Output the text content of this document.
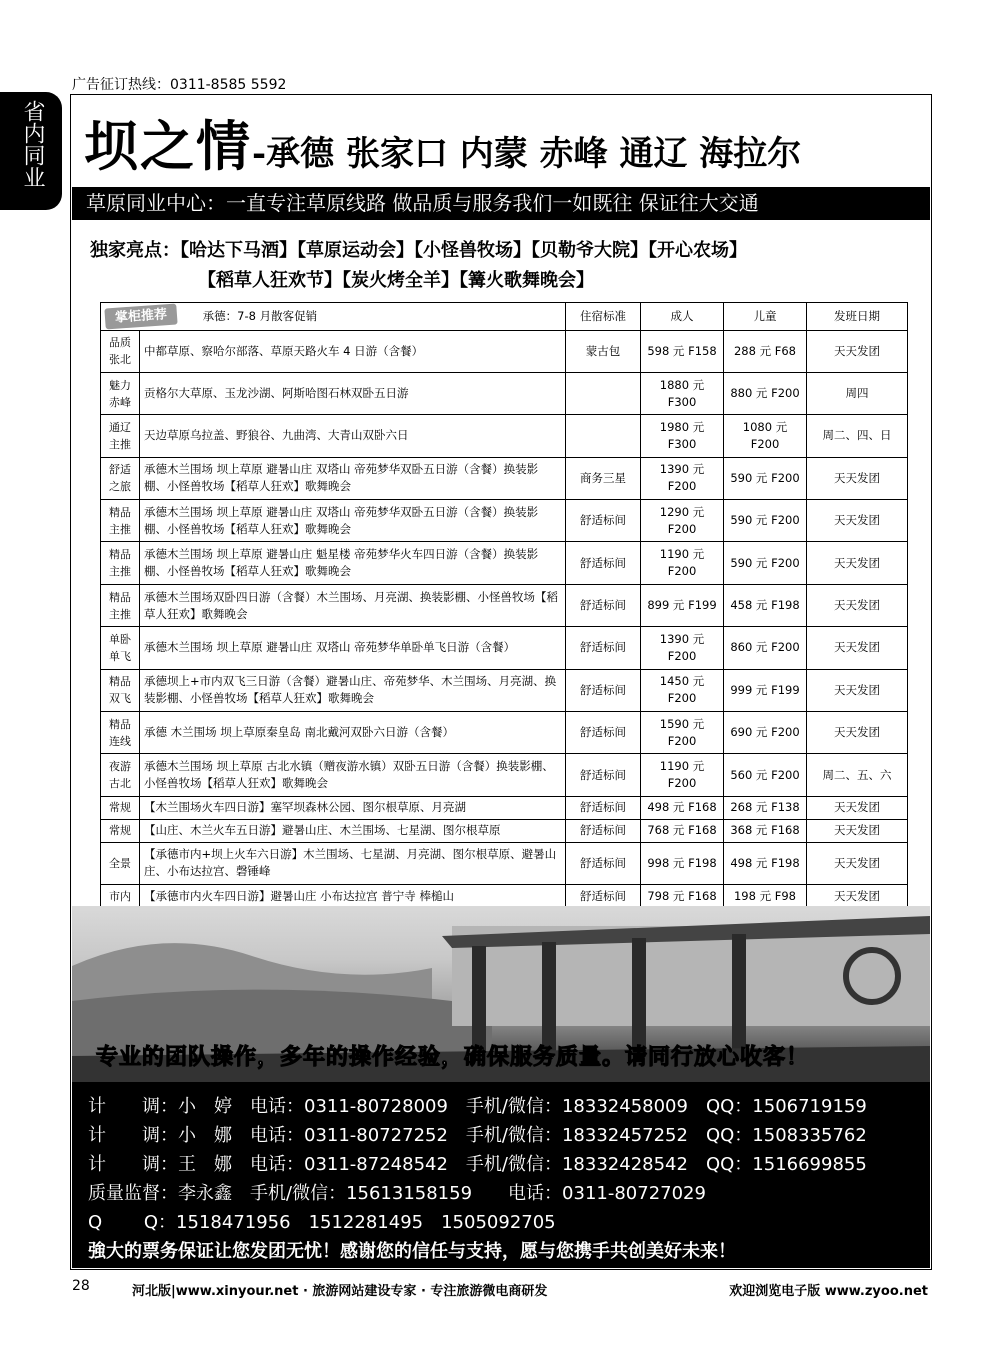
广告征订热线：0311-8585 5592
省内同业 坝之情-承德 张家口 内蒙 赤峰 通辽 海拉尔
草原同业中心：一直专注草原线路 做品质与服务我们一如既往 保证往大交通
独家亮点：【哈达下马酒】【草原运动会】【小怪兽牧场】【贝勒爷大院】【开心农场】
【稻草人狂欢节】【炭火烤全羊】【篝火歌舞晚会】
掌柜推荐 承德：7-8 月散客促销		住宿标准	成人	儿童	发班日期
品质张北	中都草原、察哈尔部落、草原天路火车 4 日游（含餐）	蒙古包	598 元 F158	288 元 F68	天天发团
魅力赤峰	贡格尔大草原、玉龙沙湖、阿斯哈图石林双卧五日游		1880 元 F300	880 元 F200	周四
通辽主推	天边草原乌拉盖、野狼谷、九曲湾、大青山双卧六日		1980 元 F300	1080 元 F200	周二、四、日
舒适之旅	承德木兰围场 坝上草原 避暑山庄 双塔山 帝苑梦华双卧五日游（含餐）换装影棚、小怪兽牧场【稻草人狂欢】歌舞晚会	商务三星	1390 元 F200	590 元 F200	天天发团
精品主推	承德木兰围场 坝上草原 避暑山庄 双塔山 帝苑梦华双卧五日游（含餐）换装影棚、小怪兽牧场【稻草人狂欢】歌舞晚会	舒适标间	1290 元 F200	590 元 F200	天天发团
精品主推	承德木兰围场 坝上草原 避暑山庄 魁星楼 帝苑梦华火车四日游（含餐）换装影棚、小怪兽牧场【稻草人狂欢】歌舞晚会	舒适标间	1190 元 F200	590 元 F200	天天发团
精品主推	承德木兰围场双卧四日游（含餐）木兰围场、月亮湖、换装影棚、小怪兽牧场【稻草人狂欢】歌舞晚会	舒适标间	899 元 F199	458 元 F198	天天发团
单卧单飞	承德木兰围场 坝上草原 避暑山庄 双塔山 帝苑梦华单卧单飞日游（含餐）	舒适标间	1390 元 F200	860 元 F200	天天发团
精品双飞	承德坝上+市内双飞三日游（含餐）避暑山庄、帝苑梦华、木兰围场、月亮湖、换装影棚、小怪兽牧场【稻草人狂欢】歌舞晚会	舒适标间	1450 元 F200	999 元 F199	天天发团
精品连线	承德 木兰围场 坝上草原秦皇岛 南北戴河双卧六日游（含餐）	舒适标间	1590 元 F200	690 元 F200	天天发团
夜游古北	承德木兰围场 坝上草原 古北水镇（赠夜游水镇）双卧五日游（含餐）换装影棚、小怪兽牧场【稻草人狂欢】歌舞晚会	舒适标间	1190 元 F200	560 元 F200	周二、五、六
常规	【木兰围场火车四日游】塞罕坝森林公园、图尔根草原、月亮湖	舒适标间	498 元 F168	268 元 F138	天天发团
常规	【山庄、木兰火车五日游】避暑山庄、木兰围场、七星湖、图尔根草原	舒适标间	768 元 F168	368 元 F168	天天发团
全景	【承德市内+坝上火车六日游】木兰围场、七星湖、月亮湖、图尔根草原、避暑山庄、小布达拉宫、磬锤峰	舒适标间	998 元 F198	498 元 F198	天天发团
市内	【承德市内火车四日游】避暑山庄 小布达拉宫 普宁寺 棒槌山	舒适标间	798 元 F168	198 元 F98	天天发团
专业的团队操作，多年的操作经验，确保服务质量。请同行放心收客！
计　　调：小　婷　电话：0311-80728009　手机/微信：18332458009　QQ：1506719159
计　　调：小　娜　电话：0311-80727252　手机/微信：18332457252　QQ：1508335762
计　　调：王　娜　电话：0311-87248542　手机/微信：18332428542　QQ：1516699855
质量监督：李永鑫　手机/微信：15613158159　　电话：0311-80727029
Q　　 Q：1518471956　1512281495　1505092705
強大的票务保证让您发团无忧！感谢您的信任与支持，愿与您携手共创美好未来！
28	河北版|www.xinyour.net · 旅游网站建设专家 · 专注旅游微电商研发	欢迎浏览电子版 www.zyoo.net
